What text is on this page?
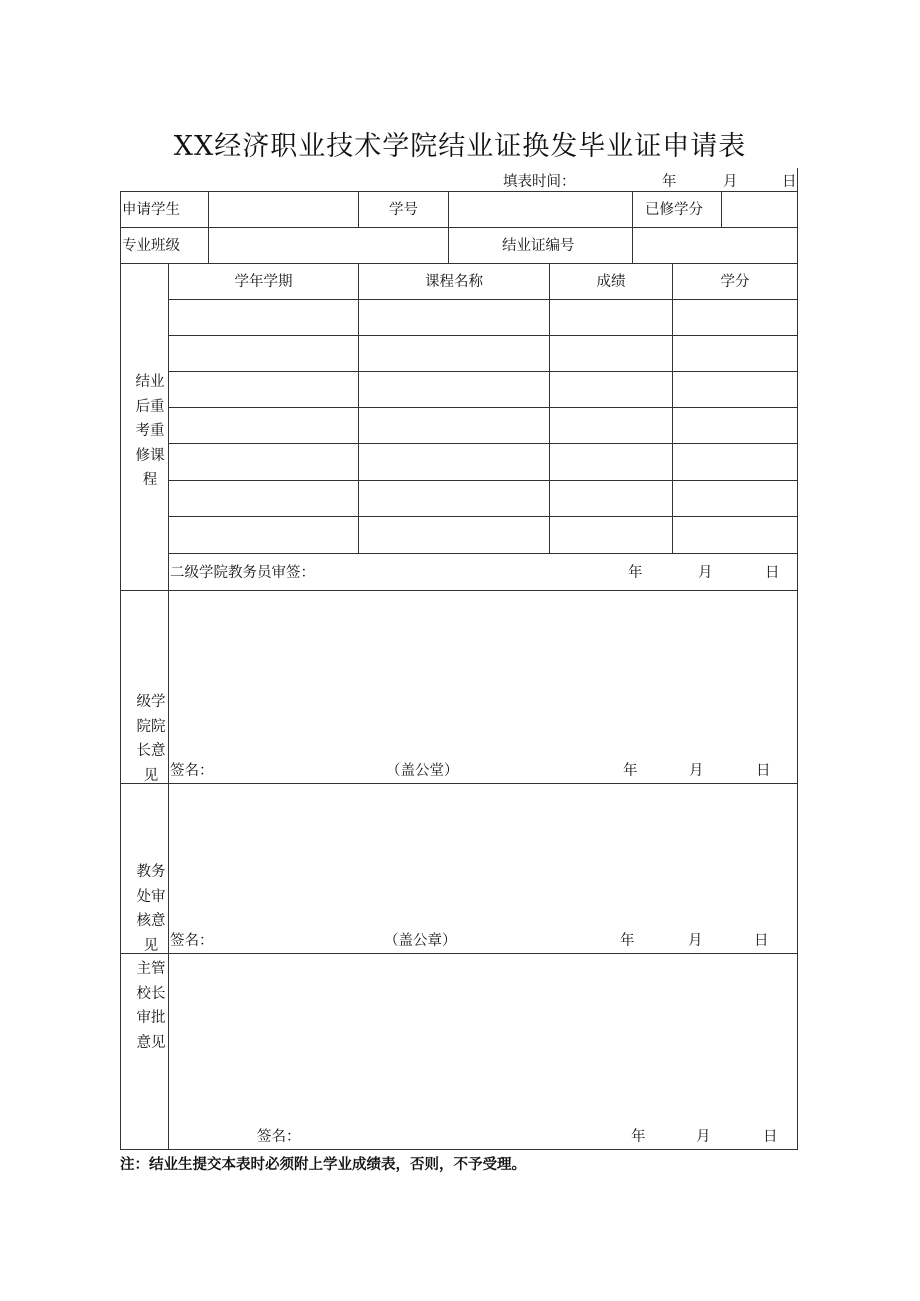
XX经济职业技术学院结业证换发毕业证申请表
填表时间：	年	月	日
申请学生	学号	已修学分
专业班级	结业证编号
结业后重考重修课程
学年学期	课程名称	成绩	学分
二级学院教务员审签：	年	月	日
级学院院长意见 签名：	（盖公堂）	年	月	日
教务处审核意见 签名：	（盖公章）	年	月	日
主管校长审批意见
签名：	年	月	日
注：结业生提交本表时必须附上学业成绩表，否则，不予受理。
